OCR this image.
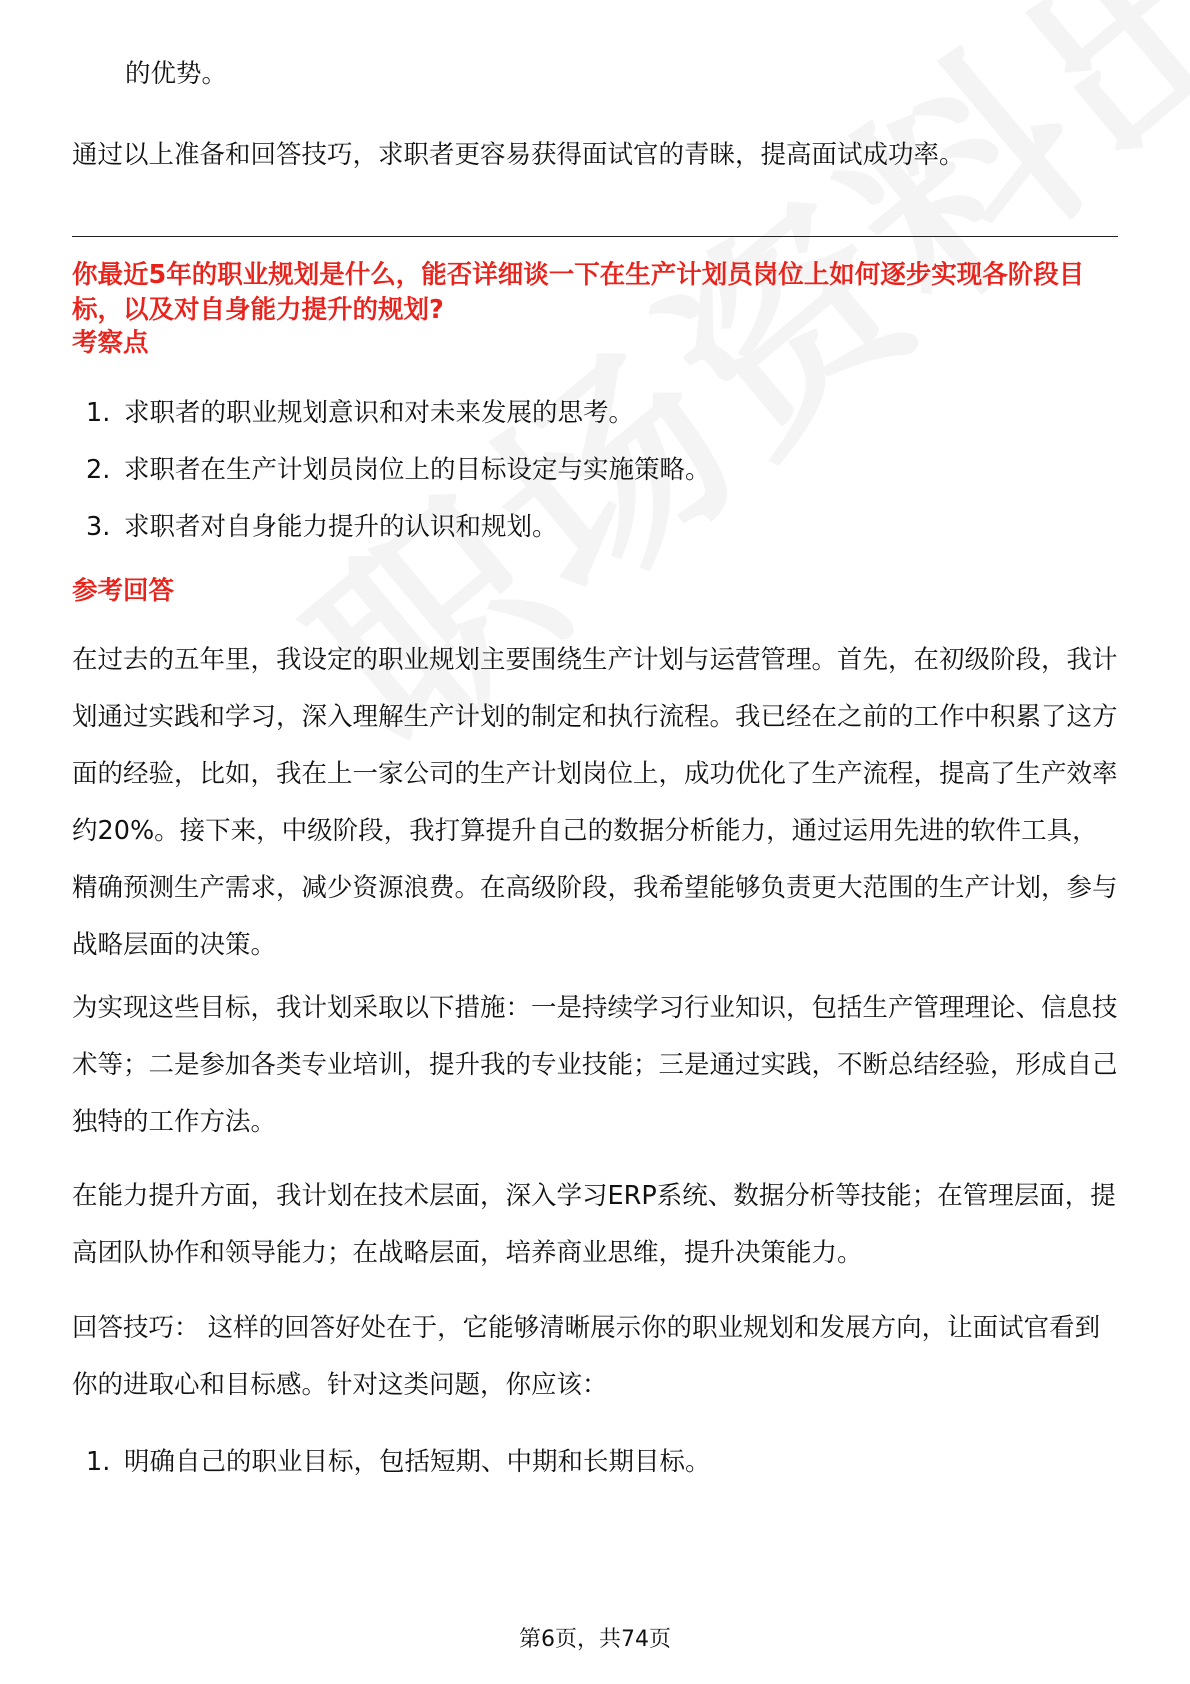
的优势。

通过以上准备和回答技巧，求职者更容易获得面试官的青睐，提高面试成功率。

你最近5年的职业规划是什么，能否详细谈一下在生产计划员岗位上如何逐步实现各阶段目标，以及对自身能力提升的规划?
考察点
1. 求职者的职业规划意识和对未来发展的思考。
2. 求职者在生产计划员岗位上的目标设定与实施策略。
3. 求职者对自身能力提升的认识和规划。
参考回答

在过去的五年里，我设定的职业规划主要围绕生产计划与运营管理。首先，在初级阶段，我计划通过实践和学习，深入理解生产计划的制定和执行流程。我已经在之前的工作中积累了这方面的经验，比如，我在上一家公司的生产计划岗位上，成功优化了生产流程，提高了生产效率约20%。接下来，中级阶段，我打算提升自己的数据分析能力，通过运用先进的软件工具，精确预测生产需求，减少资源浪费。在高级阶段，我希望能够负责更大范围的生产计划，参与战略层面的决策。

为实现这些目标，我计划采取以下措施：一是持续学习行业知识，包括生产管理理论、信息技术等；二是参加各类专业培训，提升我的专业技能；三是通过实践，不断总结经验，形成自己独特的工作方法。

在能力提升方面，我计划在技术层面，深入学习ERP系统、数据分析等技能；在管理层面，提高团队协作和领导能力；在战略层面，培养商业思维，提升决策能力。

回答技巧： 这样的回答好处在于，它能够清晰展示你的职业规划和发展方向，让面试官看到你的进取心和目标感。针对这类问题，你应该：

1. 明确自己的职业目标，包括短期、中期和长期目标。
第6页，共74页
